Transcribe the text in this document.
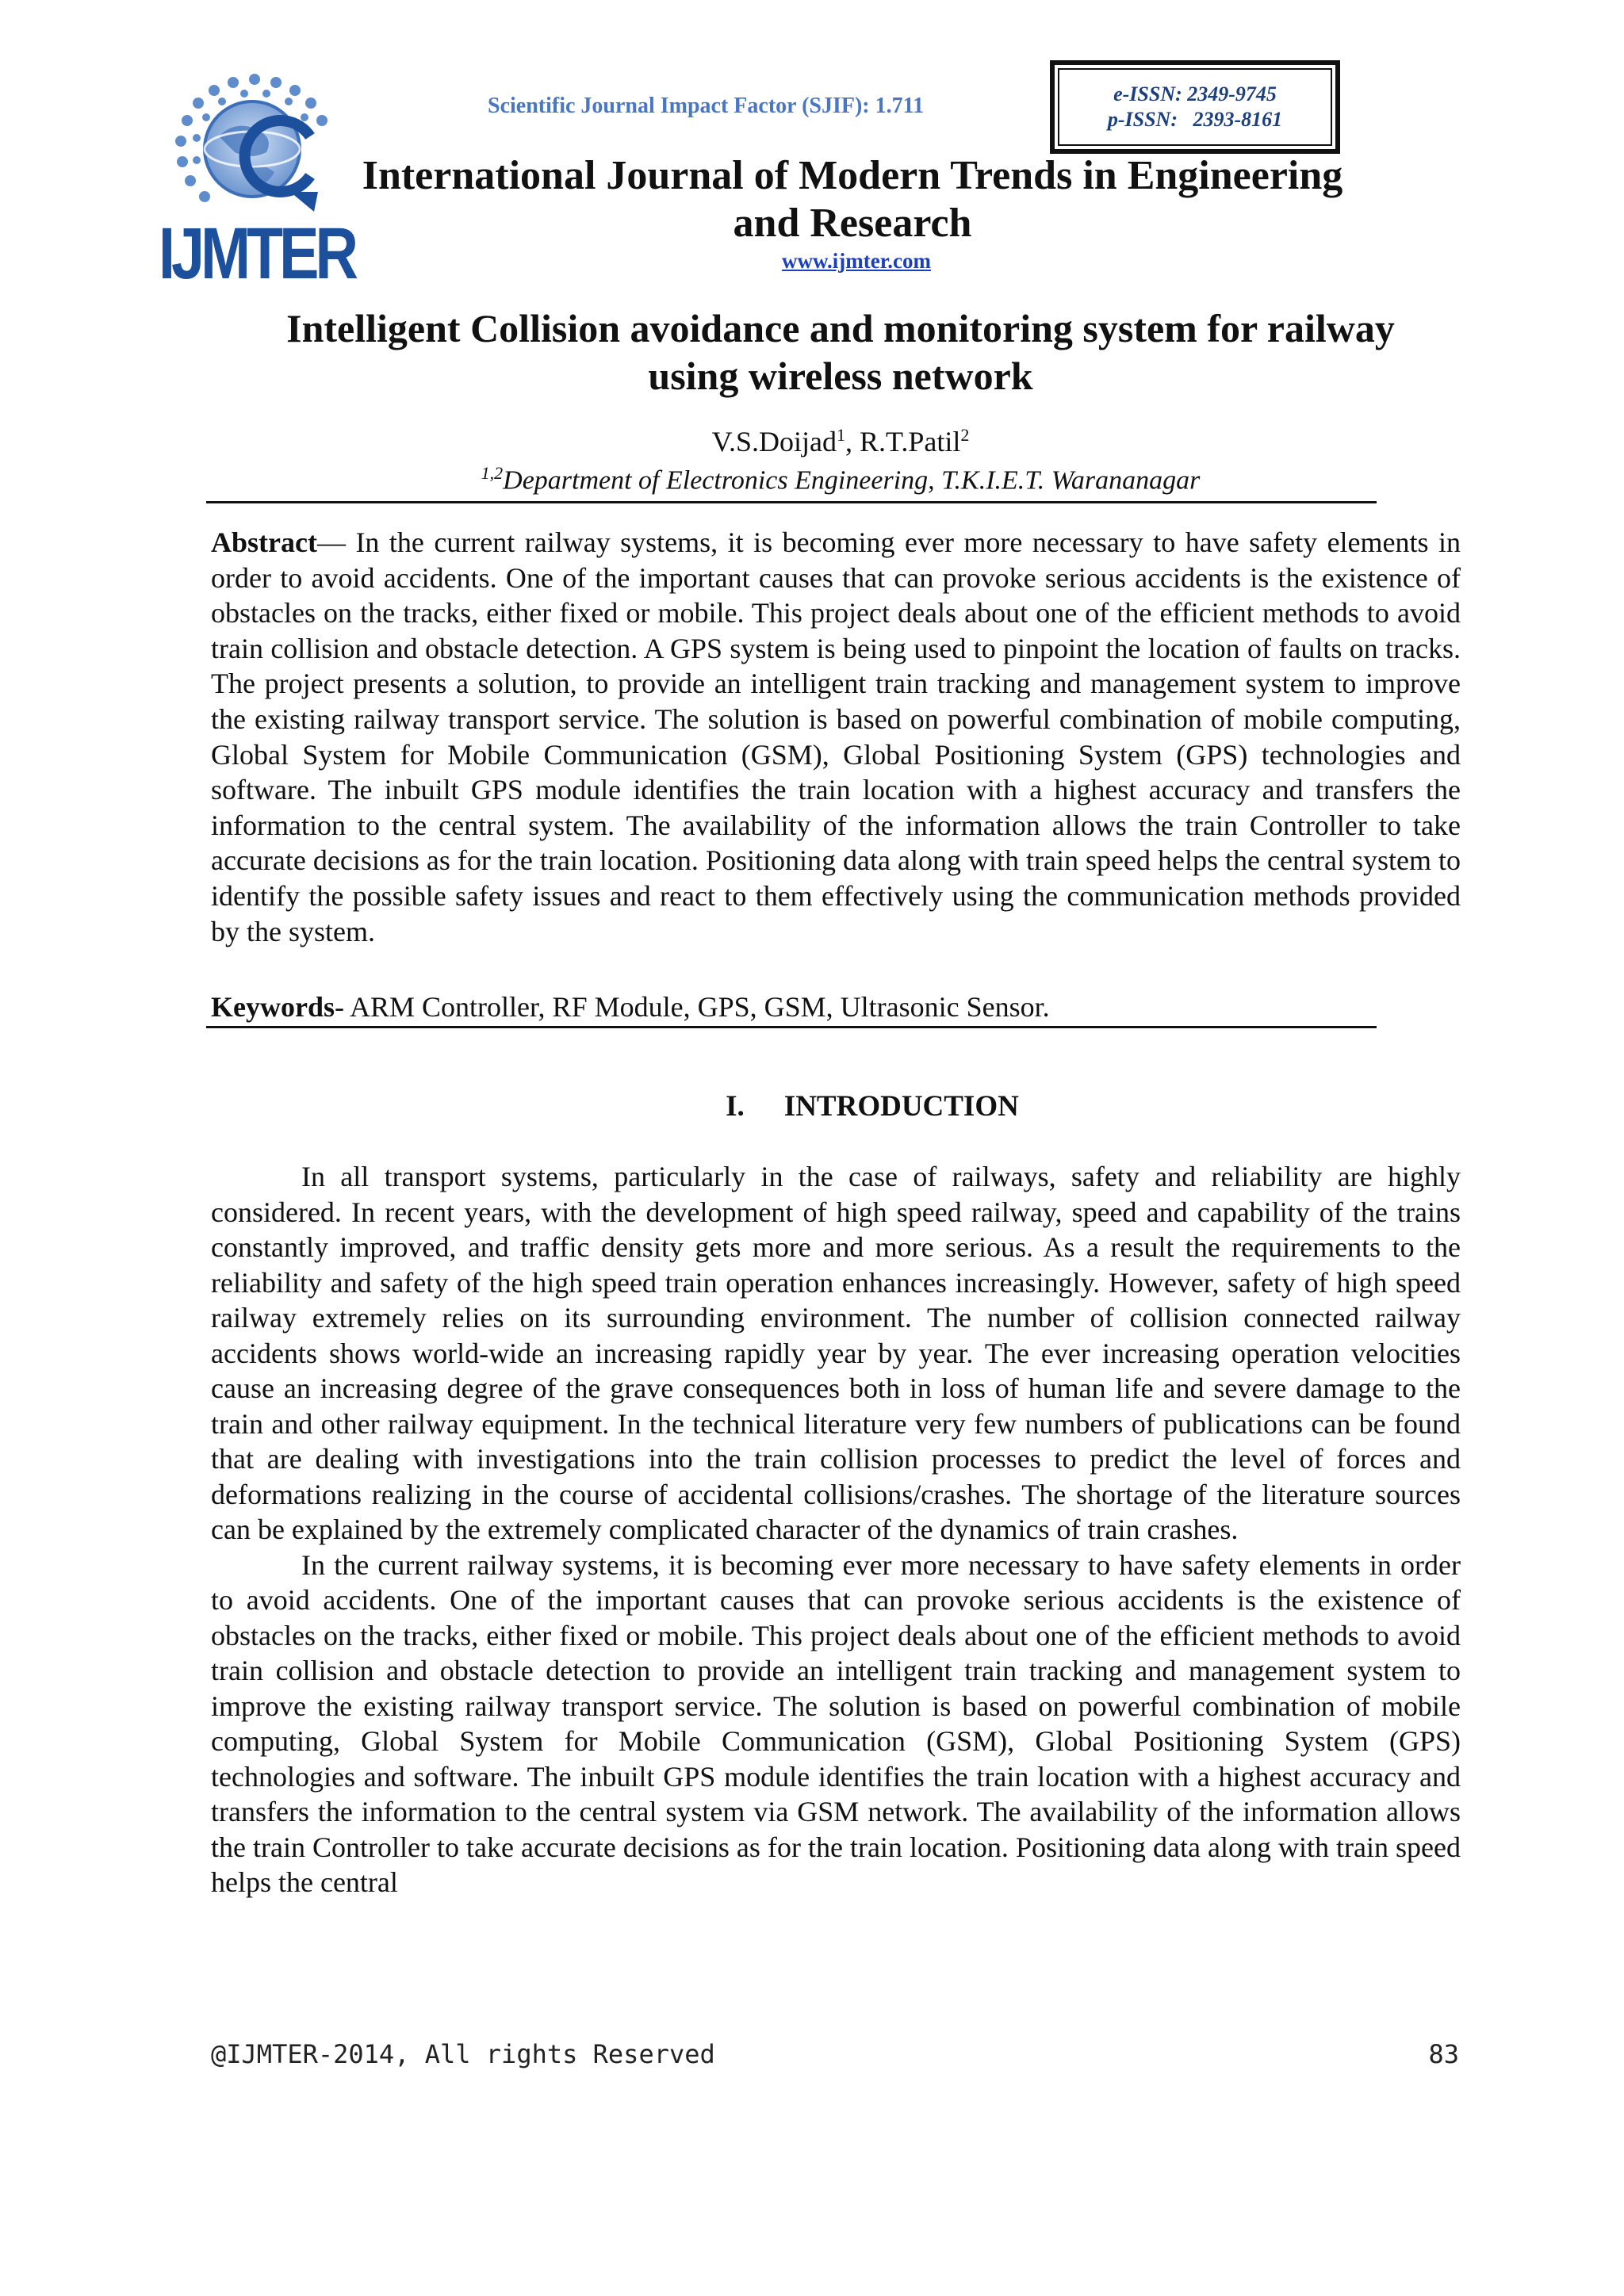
IJMTER
Scientific Journal Impact Factor (SJIF): 1.711	e-ISSN: 2349-9745
p-ISSN:   2393-8161
International Journal of Modern Trends in Engineering
and Research
www.ijmter.com
Intelligent Collision avoidance and monitoring system for railway
using wireless network
V.S.Doijad$^1$, R.T.Patil$^2$
$^{1,2}$Department of Electronics Engineering, T.K.I.E.T. Warananagar
Abstract— In the current railway systems, it is becoming ever more necessary to have safety elements in order to avoid accidents. One of the important causes that can provoke serious accidents is the existence of obstacles on the tracks, either fixed or mobile. This project deals about one of the efficient methods to avoid train collision and obstacle detection. A GPS system is being used to pinpoint the location of faults on tracks. The project presents a solution, to provide an intelligent train tracking and management system to improve the existing railway transport service. The solution is based on powerful combination of mobile computing, Global System for Mobile Communication (GSM), Global Positioning System (GPS) technologies and software. The inbuilt GPS module identifies the train location with a highest accuracy and transfers the information to the central system. The availability of the information allows the train Controller to take accurate decisions as for the train location. Positioning data along with train speed helps the central system to identify the possible safety issues and react to them effectively using the communication methods provided by the system.
Keywords- ARM Controller, RF Module, GPS, GSM, Ultrasonic Sensor.
I. INTRODUCTION

In all transport systems, particularly in the case of railways, safety and reliability are highly considered. In recent years, with the development of high speed railway, speed and capability of the trains constantly improved, and traffic density gets more and more serious. As a result the requirements to the reliability and safety of the high speed train operation enhances increasingly. However, safety of high speed railway extremely relies on its surrounding environment. The number of collision connected railway accidents shows world-wide an increasing rapidly year by year. The ever increasing operation velocities cause an increasing degree of the grave consequences both in loss of human life and severe damage to the train and other railway equipment. In the technical literature very few numbers of publications can be found that are dealing with investigations into the train collision processes to predict the level of forces and deformations realizing in the course of accidental collisions/crashes. The shortage of the literature sources can be explained by the extremely complicated character of the dynamics of train crashes.

In the current railway systems, it is becoming ever more necessary to have safety elements in order to avoid accidents. One of the important causes that can provoke serious accidents is the existence of obstacles on the tracks, either fixed or mobile. This project deals about one of the efficient methods to avoid train collision and obstacle detection to provide an intelligent train tracking and management system to improve the existing railway transport service. The solution is based on powerful combination of mobile computing, Global System for Mobile Communication (GSM), Global Positioning System (GPS) technologies and software. The inbuilt GPS module identifies the train location with a highest accuracy and transfers the information to the central system via GSM network. The availability of the information allows the train Controller to take accurate decisions as for the train location. Positioning data along with train speed helps the central

@IJMTER-2014, All rights Reserved	83
